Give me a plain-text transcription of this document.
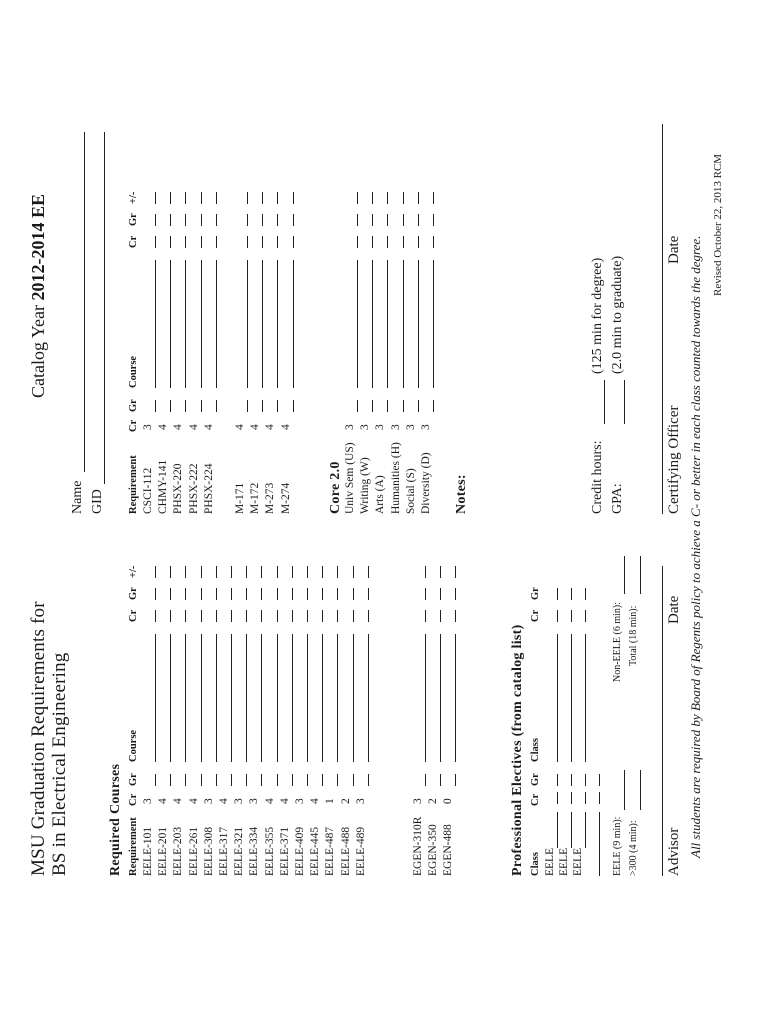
MSU Graduation Requirements for BS in Electrical Engineering
Catalog Year 2012-2014 EE
Name GID
Required Courses Requirement
Cr
Gr
Course
Cr
Gr
+/-
Professional Electives (from catalog list) Class
Cr
Gr
Class
Cr
Gr
EELE (9 min): >300 (4 min):
Non-EELE (6 min): Total (18 min):
Requirement
Cr
Gr
Course
Cr
Gr
+/-
Core 2.0	Notes:	Credit hours:
(125 min for degree)
GPA:
(2.0 min to graduate)
Advisor
Date
Certifying Officer
Date All students are required by Board of Regents policy to achieve a C- or better in each class counted towards the degree.
Revised October 22, 2013 RCM
EELE-101
3
EELE-201
4
EELE-203
4
EELE-261
4
EELE-308
3
EELE-317
4
EELE-321
3
EELE-334
3
EELE-355
4
EELE-371
4
EELE-409
3
EELE-445
4
EELE-487
1
EELE-488
2
EELE-489
3
EGEN-310R
3
EGEN-350
2
EGEN-488
0
CSCI-112
3
CHMY-141
4
PHSX-220
4
PHSX-222
4
PHSX-224
4
M-171
4
M-172
4
M-273
4
M-274
4
Univ Sem (US)
3
Writing (W)
3
Arts (A)
3
Humanities (H)
3
Social (S)
3
Diversity (D)
3
EELE EELE EELE
